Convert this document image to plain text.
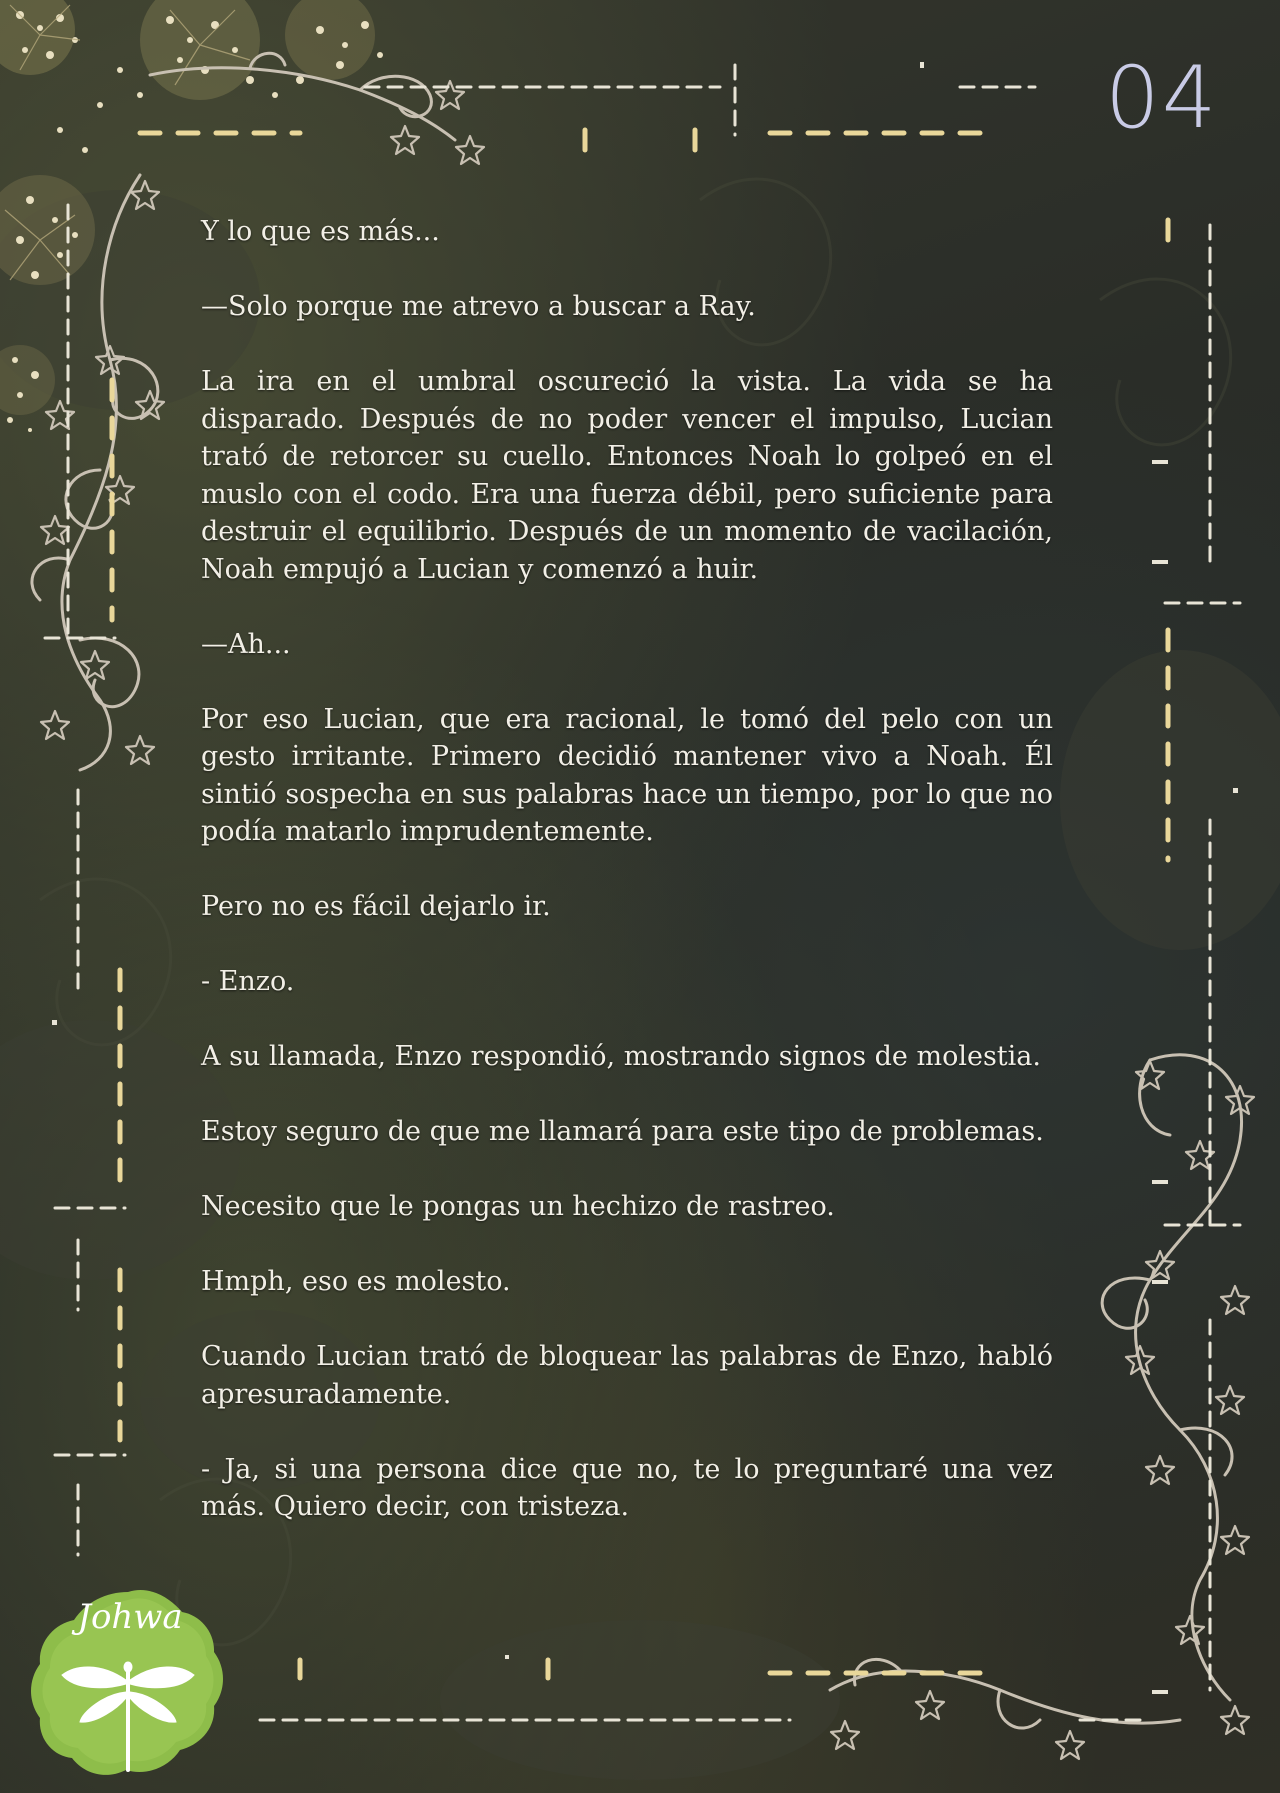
04

Y lo que es más...

—Solo porque me atrevo a buscar a Ray.

La ira en el umbral oscureció la vista. La vida se ha disparado. Después de no poder vencer el impulso, Lucian trató de retorcer su cuello. Entonces Noah lo golpeó en el muslo con el codo. Era una fuerza débil, pero suficiente para destruir el equilibrio. Después de un momento de vacilación, Noah empujó a Lucian y comenzó a huir.

—Ah...

Por eso Lucian, que era racional, le tomó del pelo con un gesto irritante. Primero decidió mantener vivo a Noah. Él sintió sospecha en sus palabras hace un tiempo, por lo que no podía matarlo imprudentemente.

Pero no es fácil dejarlo ir.

- Enzo.

A su llamada, Enzo respondió, mostrando signos de molestia.

Estoy seguro de que me llamará para este tipo de problemas.

Necesito que le pongas un hechizo de rastreo.

Hmph, eso es molesto.

Cuando Lucian trató de bloquear las palabras de Enzo, habló apresuradamente.

- Ja, si una persona dice que no, te lo preguntaré una vez más. Quiero decir, con tristeza.

Johwa
